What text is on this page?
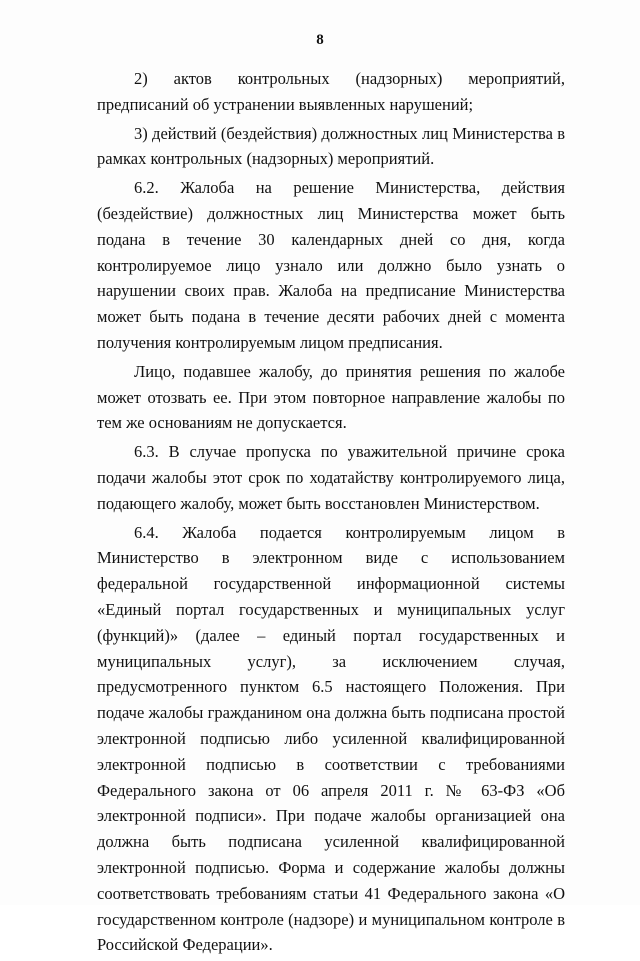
8

2) актов контрольных (надзорных) мероприятий, предписаний об устранении выявленных нарушений;

3) действий (бездействия) должностных лиц Министерства в рамках контрольных (надзорных) мероприятий.

6.2. Жалоба на решение Министерства, действия (бездействие) должностных лиц Министерства может быть подана в течение 30 календарных дней со дня, когда контролируемое лицо узнало или должно было узнать о нарушении своих прав. Жалоба на предписание Министерства может быть подана в течение десяти рабочих дней с момента получения контролируемым лицом предписания.

Лицо, подавшее жалобу, до принятия решения по жалобе может отозвать ее. При этом повторное направление жалобы по тем же основаниям не допускается.

6.3. В случае пропуска по уважительной причине срока подачи жалобы этот срок по ходатайству контролируемого лица, подающего жалобу, может быть восстановлен Министерством.

6.4. Жалоба подается контролируемым лицом в Министерство в электронном виде с использованием федеральной государственной информационной системы «Единый портал государственных и муниципальных услуг (функций)» (далее – единый портал государственных и муниципальных услуг), за исключением случая, предусмотренного пунктом 6.5 настоящего Положения. При подаче жалобы гражданином она должна быть подписана простой электронной подписью либо усиленной квалифицированной электронной подписью в соответствии с требованиями Федерального закона от 06 апреля 2011 г. № 63-ФЗ «Об электронной подписи». При подаче жалобы организацией она должна быть подписана усиленной квалифицированной электронной подписью. Форма и содержание жалобы должны соответствовать требованиям статьи 41 Федерального закона «О государственном контроле (надзоре) и муниципальном контроле в Российской Федерации».
